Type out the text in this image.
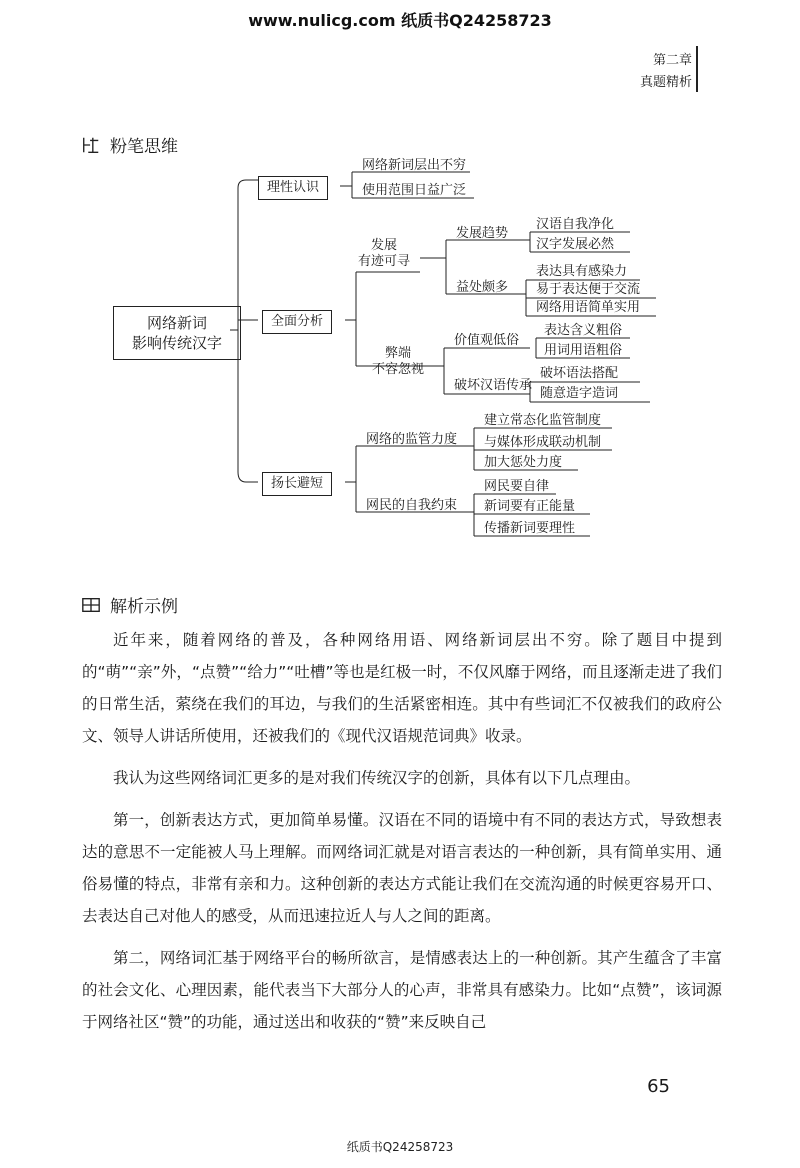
www.nulicg.com 纸质书Q24258723
第二章
真题精析
粉笔思维
网络新词
影响传统汉字
理性认识
网络新词层出不穷
使用范围日益广泛
全面分析
发展
有迹可寻
发展趋势
汉语自我净化
汉字发展必然
益处颇多
表达具有感染力
易于表达便于交流
网络用语简单实用
弊端
不容忽视
价值观低俗
表达含义粗俗
用词用语粗俗
破坏汉语传承
破坏语法搭配
随意造字造词
扬长避短
网络的监管力度
建立常态化监管制度
与媒体形成联动机制
加大惩处力度
网民的自我约束
网民要自律
新词要有正能量
传播新词要理性
解析示例

近年来，随着网络的普及，各种网络用语、网络新词层出不穷。除了题目中提到的“萌”“亲”外，“点赞”“给力”“吐槽”等也是红极一时，不仅风靡于网络，而且逐渐走进了我们的日常生活，萦绕在我们的耳边，与我们的生活紧密相连。其中有些词汇不仅被我们的政府公文、领导人讲话所使用，还被我们的《现代汉语规范词典》收录。

我认为这些网络词汇更多的是对我们传统汉字的创新，具体有以下几点理由。

第一，创新表达方式，更加简单易懂。汉语在不同的语境中有不同的表达方式，导致想表达的意思不一定能被人马上理解。而网络词汇就是对语言表达的一种创新，具有简单实用、通俗易懂的特点，非常有亲和力。这种创新的表达方式能让我们在交流沟通的时候更容易开口、去表达自己对他人的感受，从而迅速拉近人与人之间的距离。

第二，网络词汇基于网络平台的畅所欲言，是情感表达上的一种创新。其产生蕴含了丰富的社会文化、心理因素，能代表当下大部分人的心声，非常具有感染力。比如“点赞”，该词源于网络社区“赞”的功能，通过送出和收获的“赞”来反映自己

65
纸质书Q24258723
